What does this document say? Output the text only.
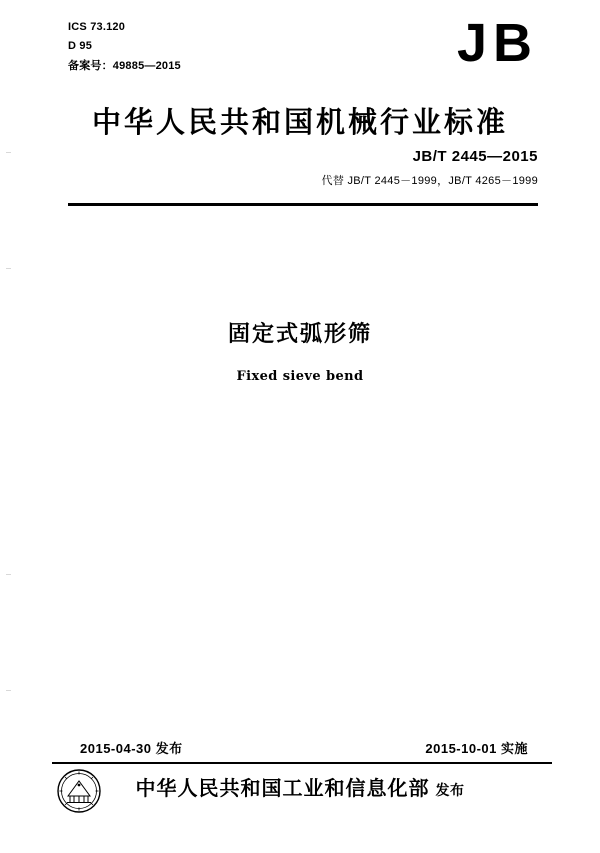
ICS 73.120
D 95
备案号：49885—2015	JB
中华人民共和国机械行业标准
JB/T 2445—2015
代替 JB/T 2445－1999，JB/T 4265－1999
固定式弧形筛
Fixed sieve bend
2015-04-30 发布	2015-10-01 实施
中华人民共和国工业和信息化部 发布
